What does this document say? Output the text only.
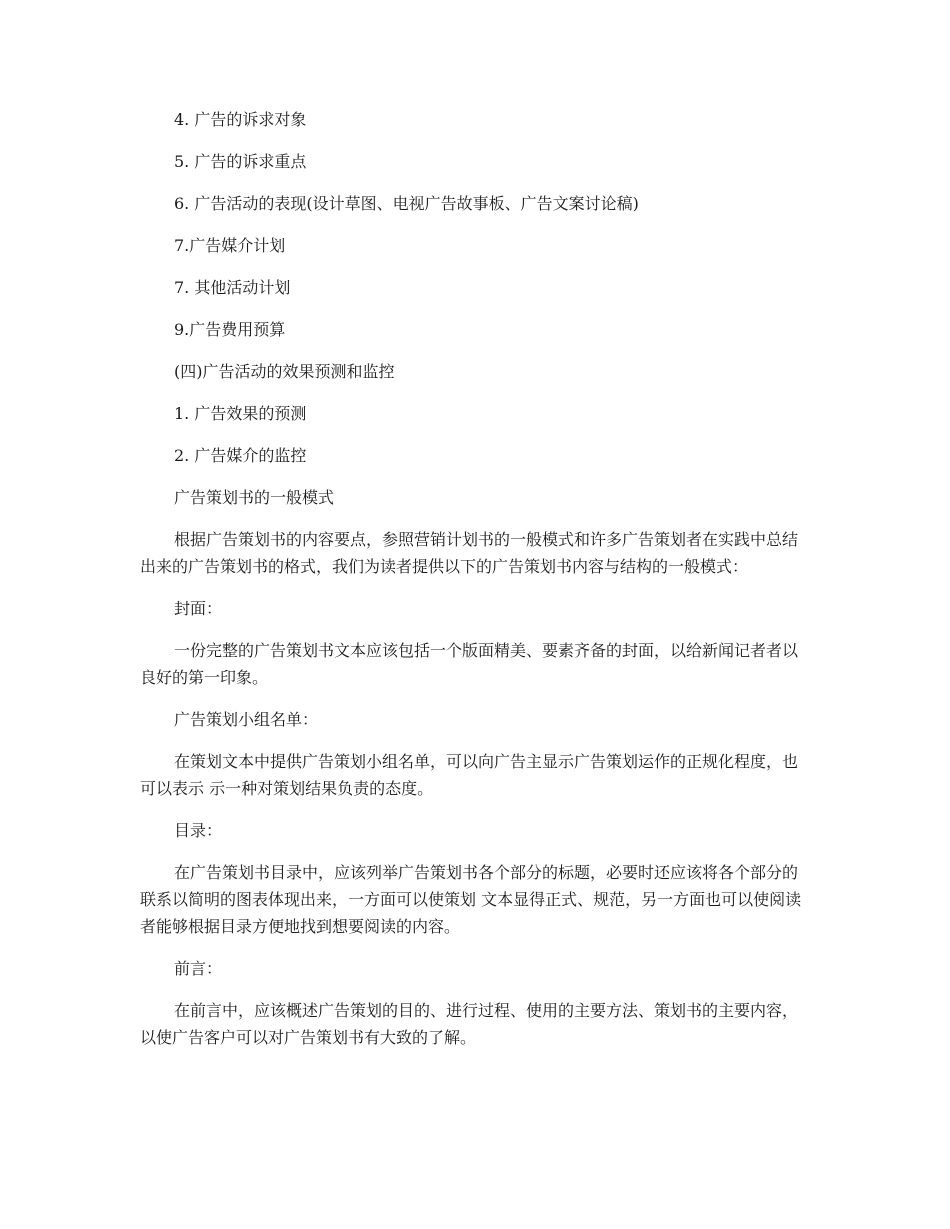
4. 广告的诉求对象

5. 广告的诉求重点

6. 广告活动的表现(设计草图、电视广告故事板、广告文案讨论稿)

7.广告媒介计划

7. 其他活动计划

9.广告费用预算

(四)广告活动的效果预测和监控

1. 广告效果的预测

2. 广告媒介的监控

广告策划书的一般模式

根据广告策划书的内容要点，参照营销计划书的一般模式和许多广告策划者在实践中总结出来的广告策划书的格式，我们为读者提供以下的广告策划书内容与结构的一般模式：

封面：

一份完整的广告策划书文本应该包括一个版面精美、要素齐备的封面，以给新闻记者者以良好的第一印象。

广告策划小组名单：

在策划文本中提供广告策划小组名单，可以向广告主显示广告策划运作的正规化程度，也可以表示 示一种对策划结果负责的态度。

目录：

在广告策划书目录中，应该列举广告策划书各个部分的标题，必要时还应该将各个部分的联系以简明的图表体现出来，一方面可以使策划 文本显得正式、规范，另一方面也可以使阅读者能够根据目录方便地找到想要阅读的内容。

前言：

在前言中，应该概述广告策划的目的、进行过程、使用的主要方法、策划书的主要内容，以使广告客户可以对广告策划书有大致的了解。
